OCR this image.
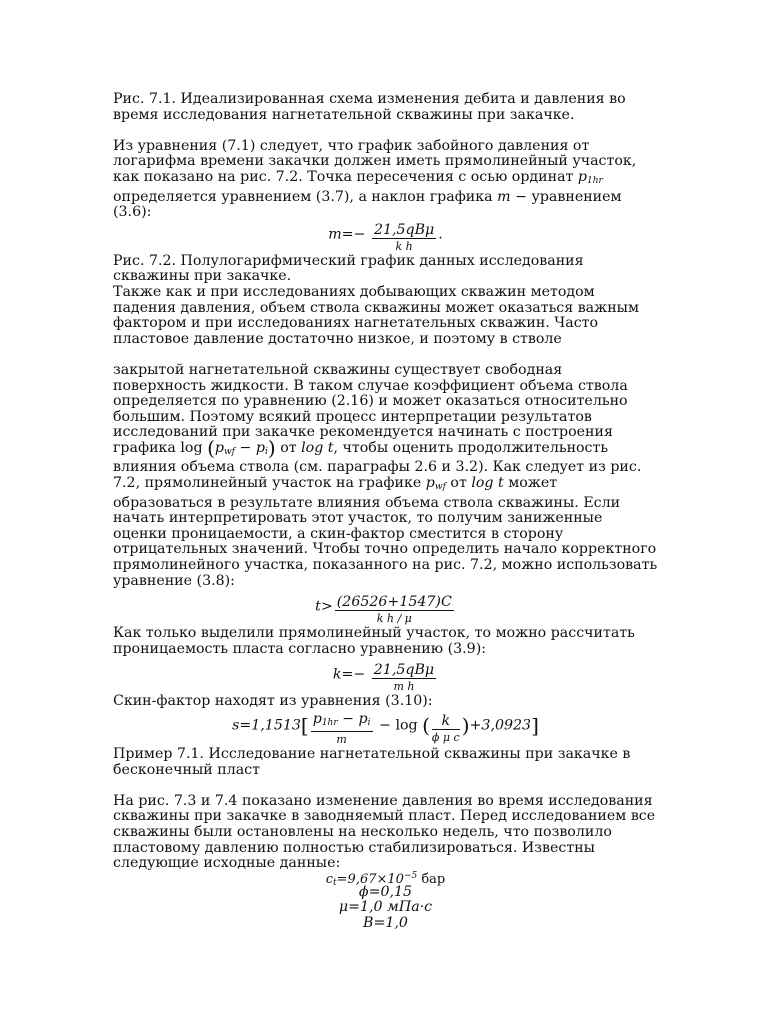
Рис. 7.1. Идеализированная схема изменения дебита и давления во время исследования нагнетательной скважины при закачке.

Из уравнения (7.1) следует, что график забойного давления от логарифма времени закачки должен иметь прямолинейный участок, как показано на рис. 7.2. Точка пересечения с осью ординат $p_{1hr}$ определяется уравнением (3.7), а наклон графика m − уравнением (3.6):

$m=- \frac{\text{21,5qBμ}}{\text{k h}}$ .

Рис. 7.2. Полулогарифмический график данных исследования скважины при закачке.

Также как и при исследованиях добывающих скважин методом падения давления, объем ствола скважины может оказаться важным фактором и при исследованиях нагнетательных скважин. Часто пластовое давление достаточно низкое, и поэтому в стволе

закрытой нагнетательной скважины существует свободная поверхность жидкости. В таком случае коэффициент объема ствола определяется по уравнению (2.16) и может оказаться относительно большим. Поэтому всякий процесс интерпретации результатов исследований при закачке рекомендуется начинать с построения графика $\log (p_{wf} - p_i)$ от log t, чтобы оценить продолжительность влияния объема ствола (см. параграфы 2.6 и 3.2). Как следует из рис. 7.2, прямолинейный участок на графике $p_{wf}$ от log t может образоваться в результате влияния объема ствола скважины. Если начать интерпретировать этот участок, то получим заниженные оценки проницаемости, а скин-фактор сместится в сторону отрицательных значений. Чтобы точно определить начало корректного прямолинейного участка, показанного на рис. 7.2, можно использовать уравнение (3.8):

$t> \frac{(26526+1547)C}{\text{k h / μ}}$

Как только выделили прямолинейный участок, то можно рассчитать проницаемость пласта согласно уравнению (3.9):

$k=- \frac{\text{21,5qBμ}}{\text{m h}}$

Скин-фактор находят из уравнения (3.10):

$s=1,1513[ \frac{p_{1hr} - p_i}{m} - \log$ ( $\frac{k}{\text{ϕ μ c}} )+3,0923$]

Пример 7.1. Исследование нагнетательной скважины при закачке в бесконечный пласт

На рис. 7.3 и 7.4 показано изменение давления во время исследования скважины при закачке в заводняемый пласт. Перед исследованием все скважины были остановлены на несколько недель, что позволило пластовому давлению полностью стабилизироваться. Известны следующие исходные данные:

$c_t=9,67\times 10^{-5}$ бар
ϕ=0,15
μ=1,0 мПа·с
B=1,0
